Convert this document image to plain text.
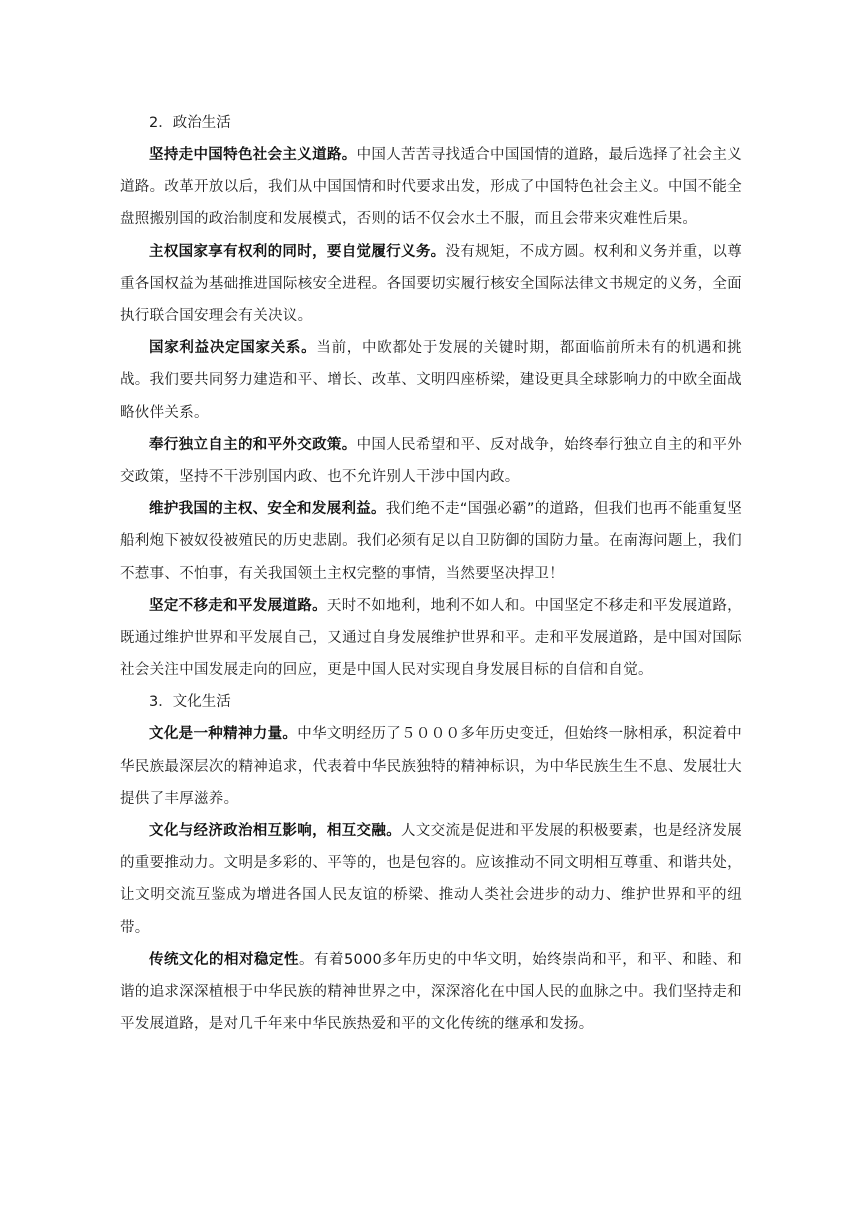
2．政治生活

坚持走中国特色社会主义道路。中国人苦苦寻找适合中国国情的道路，最后选择了社会主义道路。改革开放以后，我们从中国国情和时代要求出发，形成了中国特色社会主义。中国不能全盘照搬别国的政治制度和发展模式，否则的话不仅会水土不服，而且会带来灾难性后果。

主权国家享有权利的同时，要自觉履行义务。没有规矩，不成方圆。权利和义务并重，以尊重各国权益为基础推进国际核安全进程。各国要切实履行核安全国际法律文书规定的义务，全面执行联合国安理会有关决议。

国家利益决定国家关系。当前，中欧都处于发展的关键时期，都面临前所未有的机遇和挑战。我们要共同努力建造和平、增长、改革、文明四座桥梁，建设更具全球影响力的中欧全面战略伙伴关系。

奉行独立自主的和平外交政策。中国人民希望和平、反对战争，始终奉行独立自主的和平外交政策，坚持不干涉别国内政、也不允许别人干涉中国内政。

维护我国的主权、安全和发展利益。我们绝不走“国强必霸”的道路，但我们也再不能重复坚船利炮下被奴役被殖民的历史悲剧。我们必须有足以自卫防御的国防力量。在南海问题上，我们不惹事、不怕事，有关我国领土主权完整的事情，当然要坚决捍卫！

坚定不移走和平发展道路。天时不如地利，地利不如人和。中国坚定不移走和平发展道路，既通过维护世界和平发展自己，又通过自身发展维护世界和平。走和平发展道路，是中国对国际社会关注中国发展走向的回应，更是中国人民对实现自身发展目标的自信和自觉。

3．文化生活

文化是一种精神力量。中华文明经历了５０００多年历史变迁，但始终一脉相承，积淀着中华民族最深层次的精神追求，代表着中华民族独特的精神标识，为中华民族生生不息、发展壮大提供了丰厚滋养。

文化与经济政治相互影响，相互交融。人文交流是促进和平发展的积极要素，也是经济发展的重要推动力。文明是多彩的、平等的，也是包容的。应该推动不同文明相互尊重、和谐共处，让文明交流互鉴成为增进各国人民友谊的桥梁、推动人类社会进步的动力、维护世界和平的纽带。

传统文化的相对稳定性。有着5000多年历史的中华文明，始终崇尚和平，和平、和睦、和谐的追求深深植根于中华民族的精神世界之中，深深溶化在中国人民的血脉之中。我们坚持走和平发展道路，是对几千年来中华民族热爱和平的文化传统的继承和发扬。
